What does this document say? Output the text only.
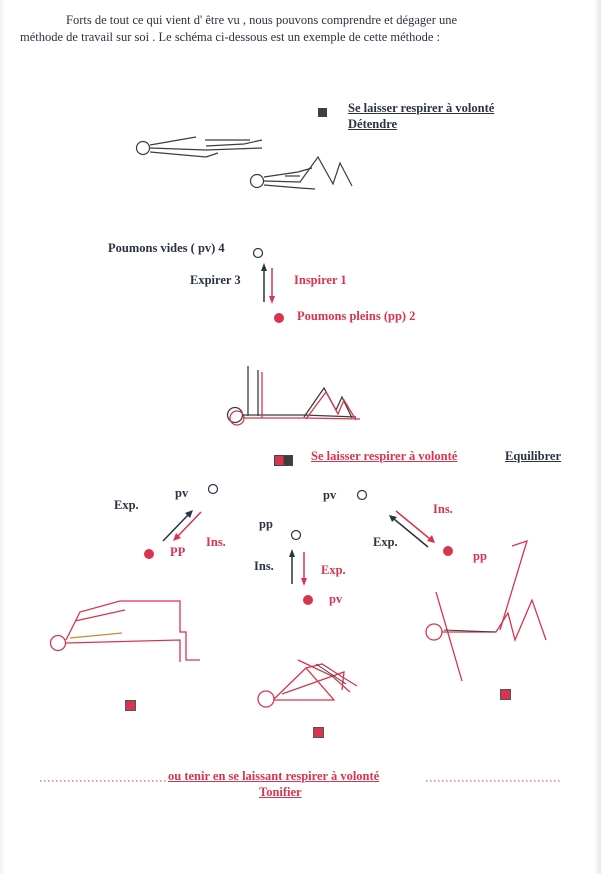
Forts de tout ce qui vient d' être vu , nous pouvons comprendre et dégager une
méthode de travail sur soi . Le schéma ci-dessous est un exemple de cette méthode :
Se laisser respirer à volonté
Détendre
Poumons vides ( pv) 4
Expirer 3	Inspirer 1
Poumons pleins (pp) 2
Se laisser respirer à volonté	Equilibrer
pv
Exp.
Ins.
PP
pv
pp
Ins.	Exp.
pv
Ins.
Exp.
pp
ou tenir en se laissant respirer à volonté
Tonifier
